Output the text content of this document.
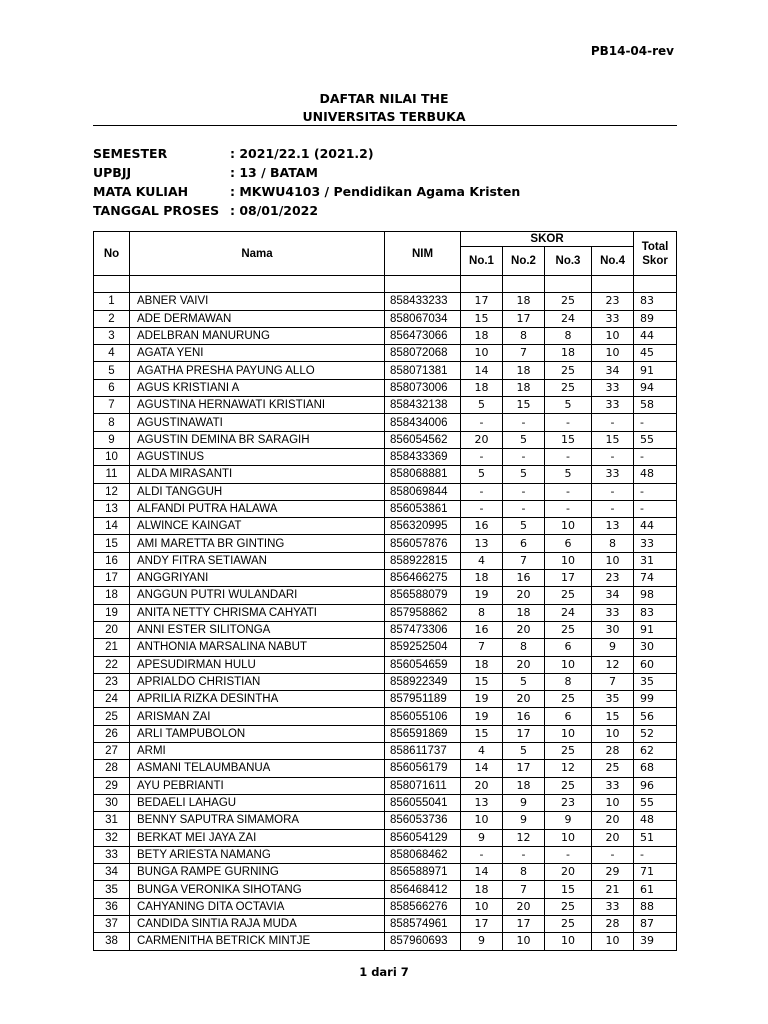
PB14-04-rev
DAFTAR NILAI THE
UNIVERSITAS TERBUKA
SEMESTER	: 2021/22.1 (2021.2)
UPBJJ	: 13 / BATAM
MATA KULIAH	: MKWU4103 / Pendidikan Agama Kristen
TANGGAL PROSES : 08/01/2022
No	Nama	NIM	SKOR				Total
Skor

			No.1	No.2	No.3	No.4	

1	ABNER VAIVI	858433233	17	18	25	23	83
2	ADE DERMAWAN	858067034	15	17	24	33	89
3	ADELBRAN MANURUNG	856473066	18	8	8	10	44
4	AGATA YENI	858072068	10	7	18	10	45
5	AGATHA PRESHA PAYUNG ALLO	858071381	14	18	25	34	91
6	AGUS KRISTIANI A	858073006	18	18	25	33	94
7	AGUSTINA HERNAWATI KRISTIANI	858432138	5	15	5	33	58
8	AGUSTINAWATI	858434006	-	-	-	-	-
9	AGUSTIN DEMINA BR SARAGIH	856054562	20	5	15	15	55
10	AGUSTINUS	858433369	-	-	-	-	-
11	ALDA MIRASANTI	858068881	5	5	5	33	48
12	ALDI TANGGUH	858069844	-	-	-	-	-
13	ALFANDI PUTRA HALAWA	856053861	-	-	-	-	-
14	ALWINCE KAINGAT	856320995	16	5	10	13	44
15	AMI MARETTA BR GINTING	856057876	13	6	6	8	33
16	ANDY FITRA SETIAWAN	858922815	4	7	10	10	31
17	ANGGRIYANI	856466275	18	16	17	23	74
18	ANGGUN PUTRI WULANDARI	856588079	19	20	25	34	98
19	ANITA NETTY CHRISMA CAHYATI	857958862	8	18	24	33	83
20	ANNI ESTER SILITONGA	857473306	16	20	25	30	91
21	ANTHONIA MARSALINA NABUT	859252504	7	8	6	9	30
22	APESUDIRMAN HULU	856054659	18	20	10	12	60
23	APRIALDO CHRISTIAN	858922349	15	5	8	7	35
24	APRILIA RIZKA DESINTHA	857951189	19	20	25	35	99
25	ARISMAN ZAI	856055106	19	16	6	15	56
26	ARLI TAMPUBOLON	856591869	15	17	10	10	52
27	ARMI	858611737	4	5	25	28	62
28	ASMANI TELAUMBANUA	856056179	14	17	12	25	68
29	AYU PEBRIANTI	858071611	20	18	25	33	96
30	BEDAELI LAHAGU	856055041	13	9	23	10	55
31	BENNY SAPUTRA SIMAMORA	856053736	10	9	9	20	48
32	BERKAT MEI JAYA ZAI	856054129	9	12	10	20	51
33	BETY ARIESTA NAMANG	858068462	-	-	-	-	-
34	BUNGA RAMPE GURNING	856588971	14	8	20	29	71
35	BUNGA VERONIKA SIHOTANG	856468412	18	7	15	21	61
36	CAHYANING DITA OCTAVIA	858566276	10	20	25	33	88
37	CANDIDA SINTIA RAJA MUDA	858574961	17	17	25	28	87
38	CARMENITHA BETRICK MINTJE	857960693	9	10	10	10	39
1 dari 7
